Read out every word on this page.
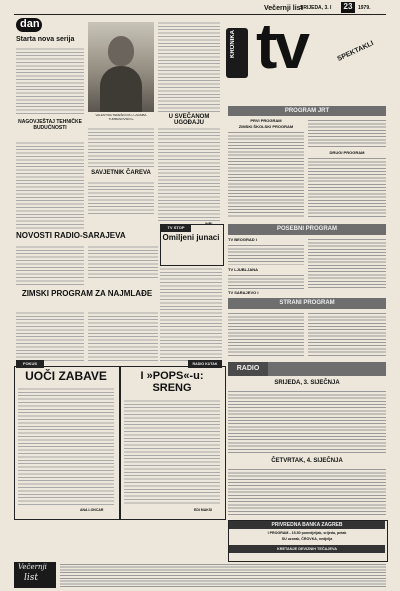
Večernji list
SRIJEDA, 3. I	23	1979.
dan
Starta nova serija
NAGOVJEŠTAJ TEHNIČKE BUDUĆNOSTI
VALENTINA TEREŠKOVA U »SAMBA TUMBANOVSKO«
SAVJETNIK ČAREVA
U SVEČANOM UGOĐAJU
NOVOSTI RADIO-SARAJEVA
ZIMSKI PROGRAM ZA NAJMLAĐE
TV STOP
Omiljeni junaci
KRONIKA tv	SPEKTAKLI
PROGRAM JRT
PRVI PROGRAM
ZIMSKI ŠKOLSKI PROGRAM
DRUGI PROGRAM
POSEBNI PROGRAM
TV BEOGRAD I
TV LJUBLJANA
TV SARAJEVO I
STRANI PROGRAM
RADIO
SRIJEDA, 3. SIJEČNJA
ČETVRTAK, 4. SIJEČNJA
FOKUS
UOČI ZABAVE
ANA LONCAR
RADIO KUTAK
I »POPS«-u: SRENG
EDI MAKSI
PRIVREDNA BANKA ZAGREB
I PROGRAM - 15.50 ponedjeljak, srijeda, petak
SU uzorak, ČROVKA, nedjelja
KRETANJE DEVIZNIH TEČAJEVA
Večernji
list
